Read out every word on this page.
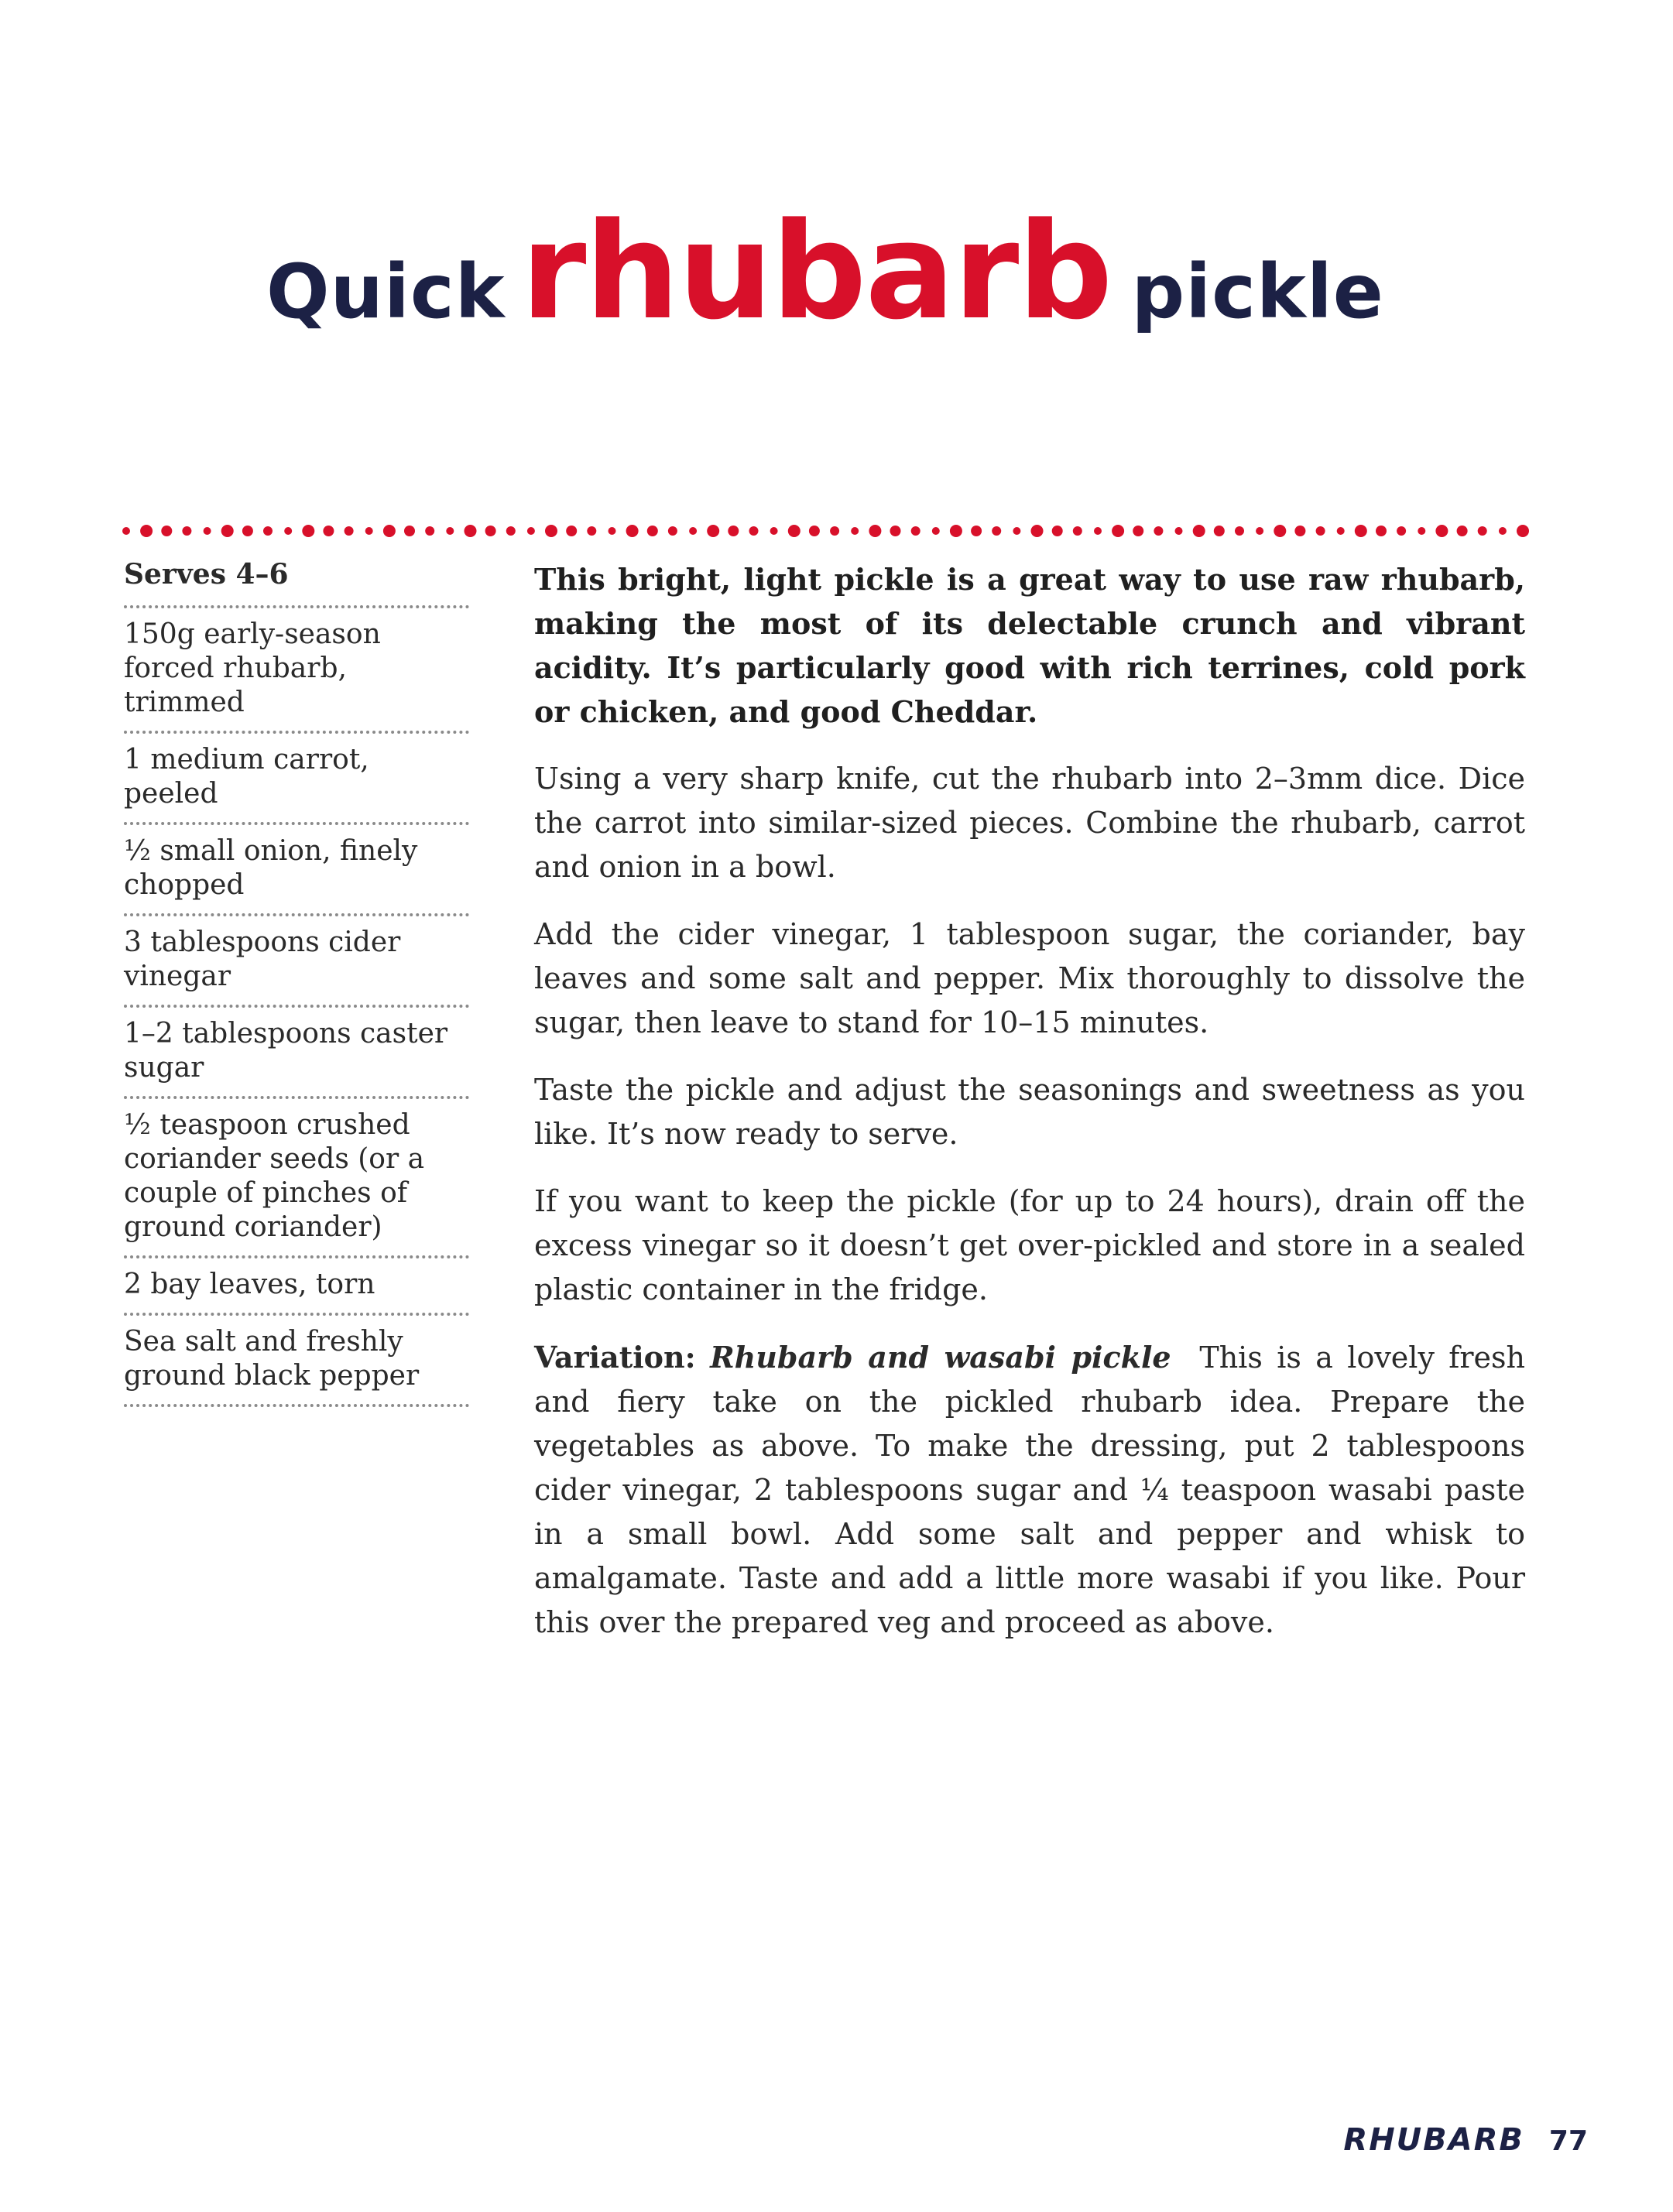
Quick rhubarb pickle
Serves 4–6
150g early-season forced rhubarb, trimmed
1 medium carrot, peeled
½ small onion, finely chopped
3 tablespoons cider vinegar
1–2 tablespoons caster sugar
½ teaspoon crushed coriander seeds (or a couple of pinches of ground coriander)
2 bay leaves, torn
Sea salt and freshly ground black pepper

This bright, light pickle is a great way to use raw rhubarb, making the most of its delectable crunch and vibrant acidity. It’s particularly good with rich terrines, cold pork or chicken, and good Cheddar.

Using a very sharp knife, cut the rhubarb into 2–3mm dice. Dice the carrot into similar-sized pieces. Combine the rhubarb, carrot and onion in a bowl.

Add the cider vinegar, 1 tablespoon sugar, the coriander, bay leaves and some salt and pepper. Mix thoroughly to dissolve the sugar, then leave to stand for 10–15 minutes.

Taste the pickle and adjust the seasonings and sweetness as you like. It’s now ready to serve.

If you want to keep the pickle (for up to 24 hours), drain off the excess vinegar so it doesn’t get over-pickled and store in a sealed plastic container in the fridge.

Variation: Rhubarb and wasabi pickle This is a lovely fresh and fiery take on the pickled rhubarb idea. Prepare the vegetables as above. To make the dressing, put 2 tablespoons cider vinegar, 2 tablespoons sugar and ¼ teaspoon wasabi paste in a small bowl. Add some salt and pepper and whisk to amalgamate. Taste and add a little more wasabi if you like. Pour this over the prepared veg and proceed as above.

RHUBARB 77
